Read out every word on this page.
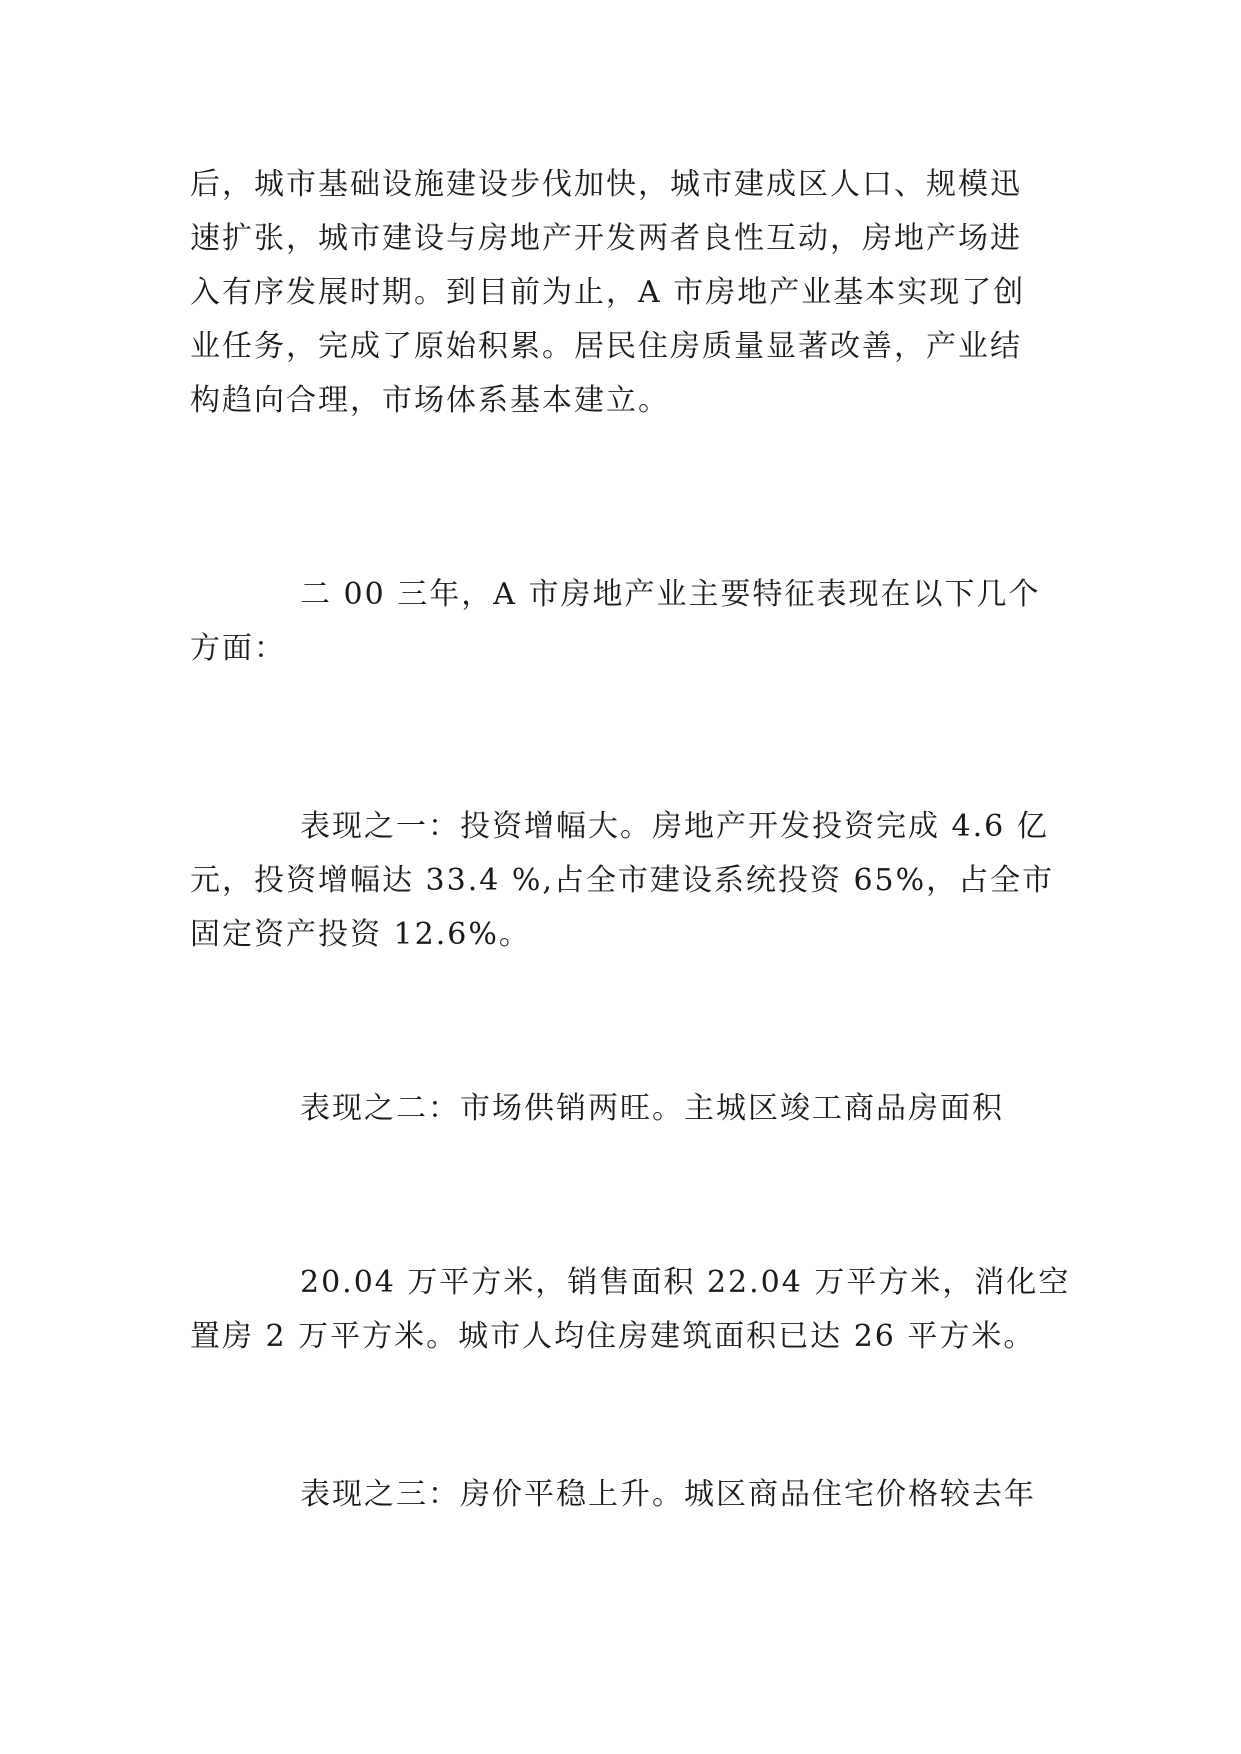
后，城市基础设施建设步伐加快，城市建成区人口、规模迅
速扩张，城市建设与房地产开发两者良性互动，房地产场进
入有序发展时期。到目前为止，A 市房地产业基本实现了创
业任务，完成了原始积累。居民住房质量显著改善，产业结
构趋向合理，市场体系基本建立。

二 00 三年，A 市房地产业主要特征表现在以下几个
方面：

表现之一：投资增幅大。房地产开发投资完成 4.6 亿
元，投资增幅达 33.4 %,占全市建设系统投资 65%，占全市
固定资产投资 12.6%。

表现之二：市场供销两旺。主城区竣工商品房面积

20.04 万平方米，销售面积 22.04 万平方米，消化空
置房 2 万平方米。城市人均住房建筑面积已达 26 平方米。

表现之三：房价平稳上升。城区商品住宅价格较去年
